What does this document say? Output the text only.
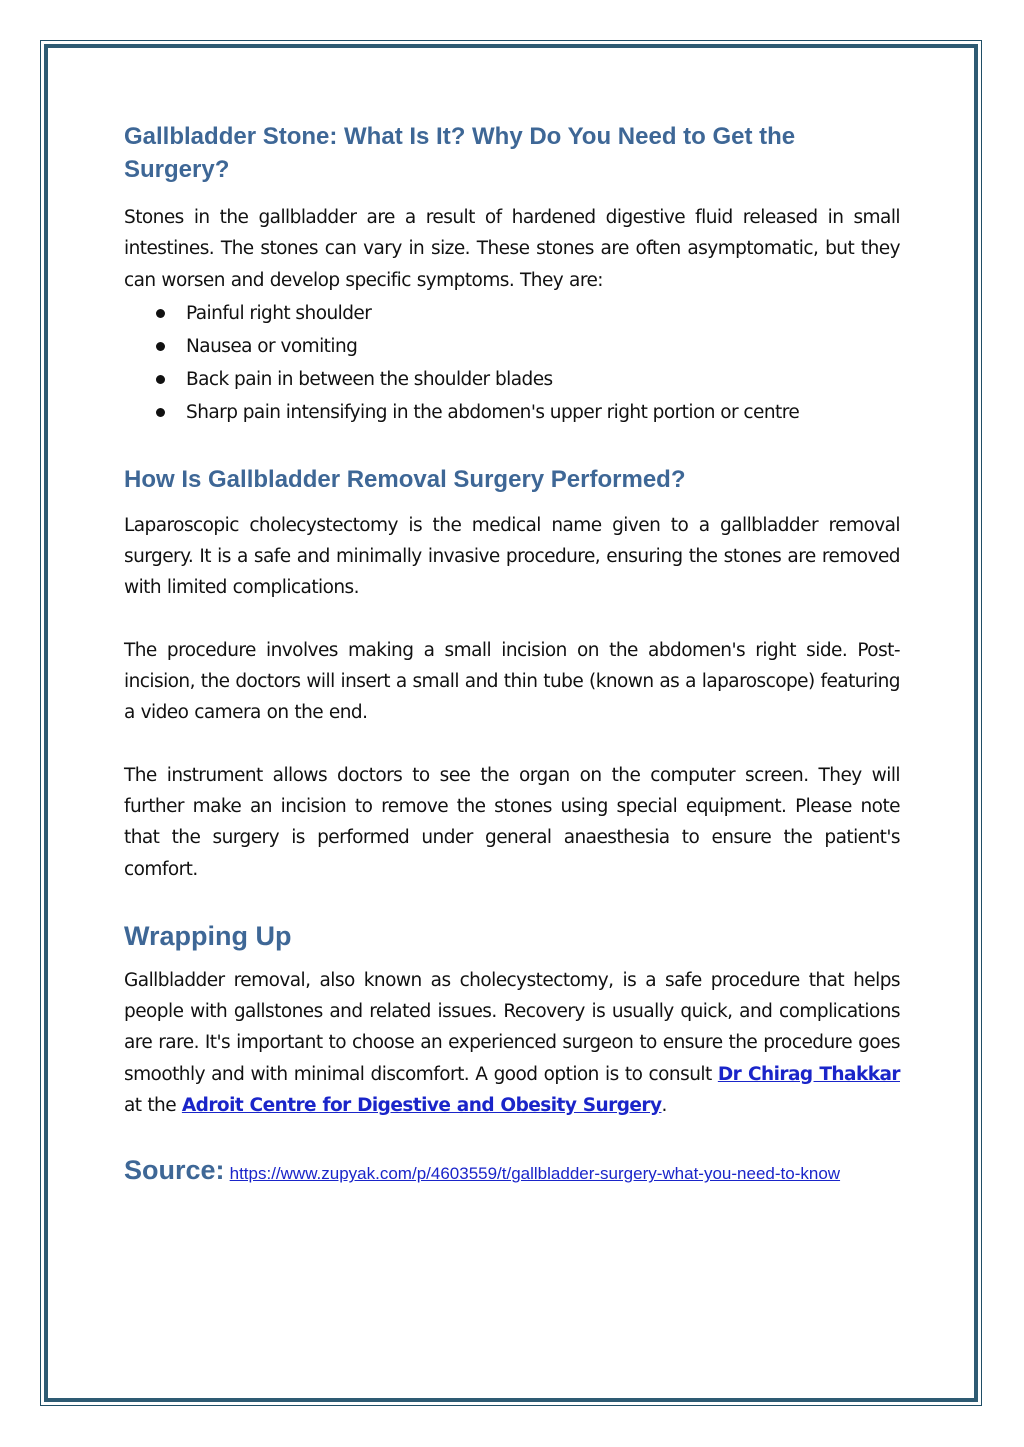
Gallbladder Stone: What Is It? Why Do You Need to Get the Surgery?

Stones in the gallbladder are a result of hardened digestive fluid released in small intestines. The stones can vary in size. These stones are often asymptomatic, but they can worsen and develop specific symptoms. They are:

Painful right shoulder
Nausea or vomiting
Back pain in between the shoulder blades
Sharp pain intensifying in the abdomen's upper right portion or centre
How Is Gallbladder Removal Surgery Performed?

Laparoscopic cholecystectomy is the medical name given to a gallbladder removal surgery. It is a safe and minimally invasive procedure, ensuring the stones are removed with limited complications.

The procedure involves making a small incision on the abdomen's right side. Post-incision, the doctors will insert a small and thin tube (known as a laparoscope) featuring a video camera on the end.

The instrument allows doctors to see the organ on the computer screen. They will further make an incision to remove the stones using special equipment. Please note that the surgery is performed under general anaesthesia to ensure the patient's comfort.

Wrapping Up

Gallbladder removal, also known as cholecystectomy, is a safe procedure that helps people with gallstones and related issues. Recovery is usually quick, and complications are rare. It's important to choose an experienced surgeon to ensure the procedure goes smoothly and with minimal discomfort. A good option is to consult Dr Chirag Thakkar at the Adroit Centre for Digestive and Obesity Surgery.

Source: https://www.zupyak.com/p/4603559/t/gallbladder-surgery-what-you-need-to-know
